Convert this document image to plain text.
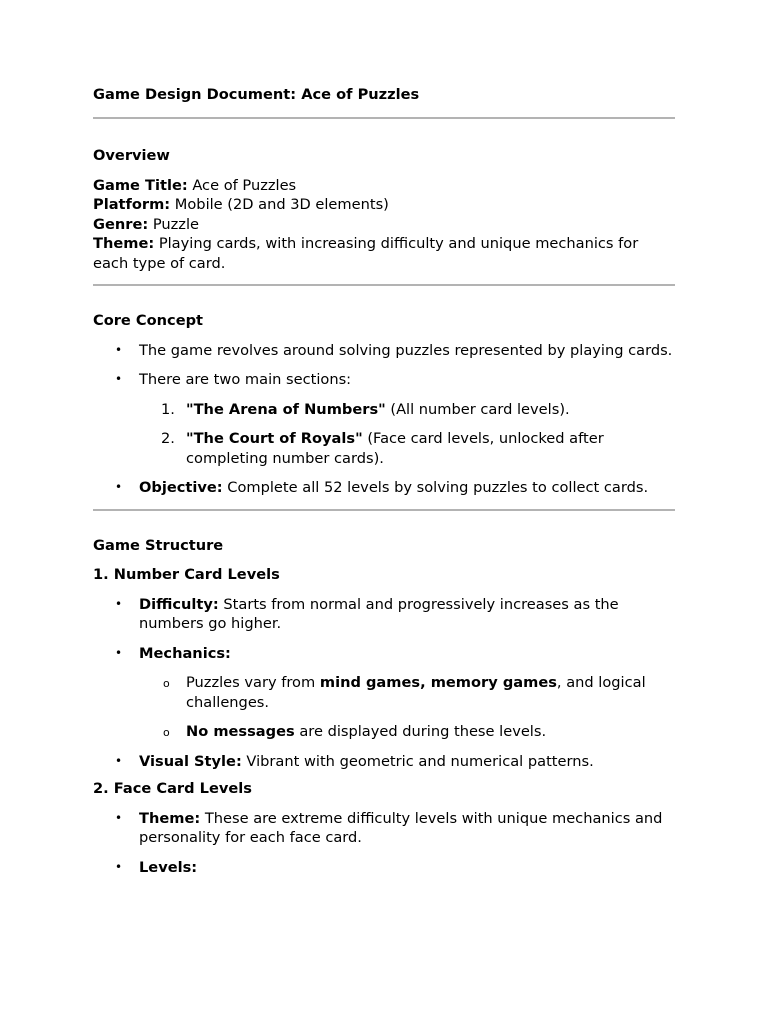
Game Design Document: Ace of Puzzles

Overview

Game Title: Ace of Puzzles

Platform: Mobile (2D and 3D elements)

Genre: Puzzle

Theme: Playing cards, with increasing difficulty and unique mechanics for each type of card.

Core Concept

• The game revolves around solving puzzles represented by playing cards.
• There are two main sections:
1. "The Arena of Numbers" (All number card levels).
2. "The Court of Royals" (Face card levels, unlocked after completing number cards).
• Objective: Complete all 52 levels by solving puzzles to collect cards.

Game Structure

1. Number Card Levels

• Difficulty: Starts from normal and progressively increases as the numbers go higher.
• Mechanics:
o Puzzles vary from mind games, memory games, and logical challenges.
o No messages are displayed during these levels.
• Visual Style: Vibrant with geometric and numerical patterns.

2. Face Card Levels

• Theme: These are extreme difficulty levels with unique mechanics and personality for each face card.
• Levels:
